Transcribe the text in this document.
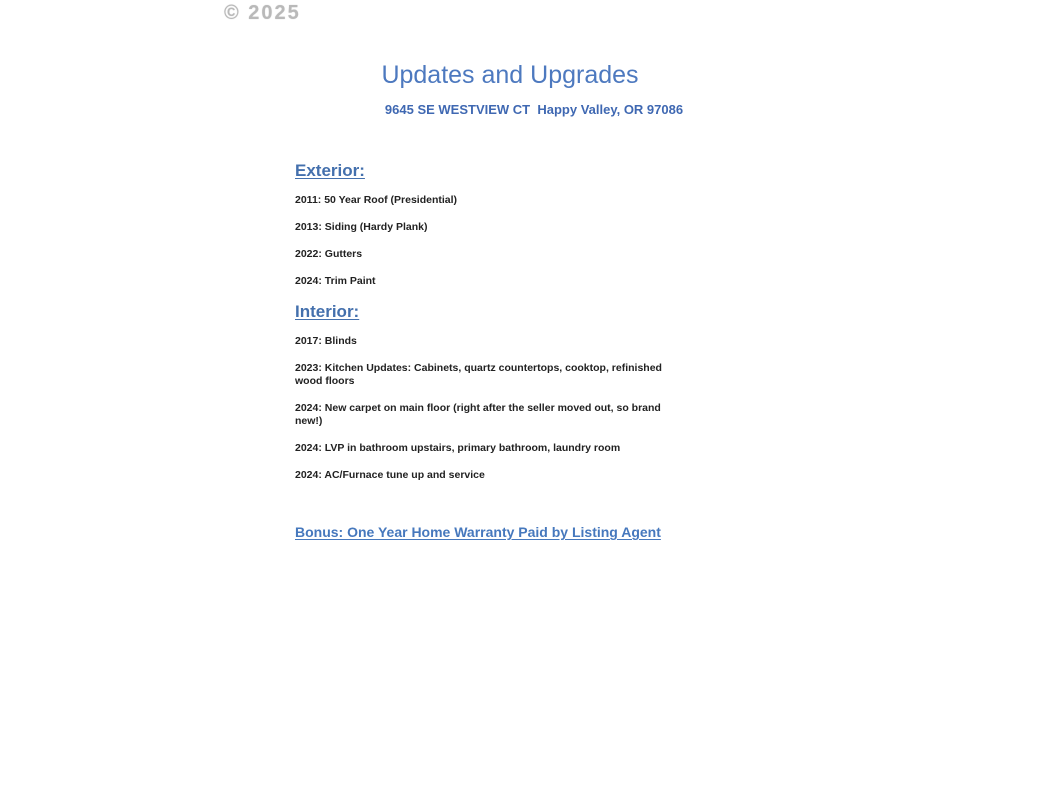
© 2025
Updates and Upgrades
9645 SE WESTVIEW CT  Happy Valley, OR 97086
Exterior:

2011: 50 Year Roof (Presidential)

2013: Siding (Hardy Plank)

2022: Gutters

2024: Trim Paint

Interior:

2017: Blinds

2023: Kitchen Updates: Cabinets, quartz countertops, cooktop, refinished wood floors

2024: New carpet on main floor (right after the seller moved out, so brand new!)

2024: LVP in bathroom upstairs, primary bathroom, laundry room

2024: AC/Furnace tune up and service

Bonus: One Year Home Warranty Paid by Listing Agent
